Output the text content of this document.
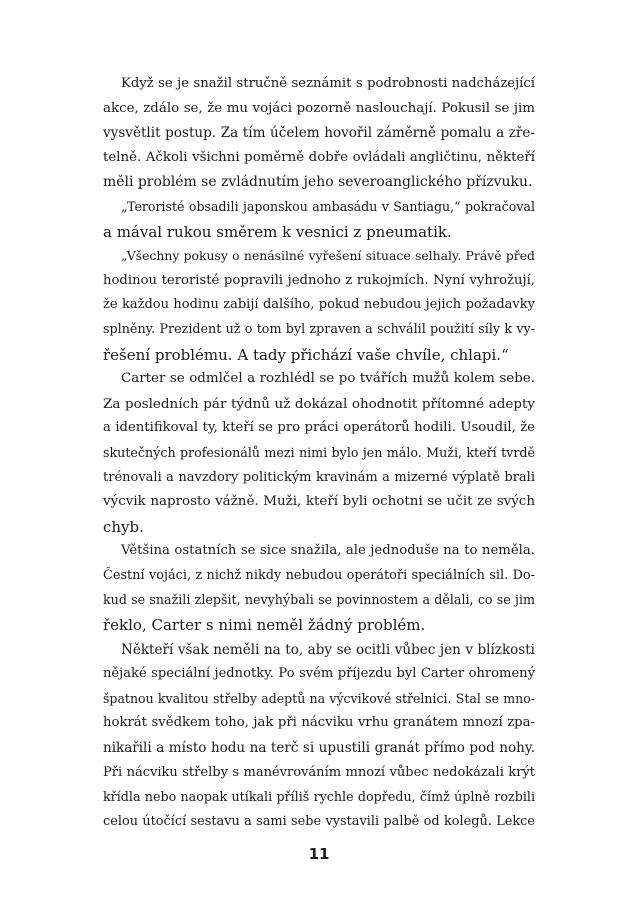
Když se je snažil stručně seznámit s podrobnosti nadcházející
akce, zdálo se, že mu vojáci pozorně naslouchají. Pokusil se jim
vysvětlit postup. Za tím účelem hovořil záměrně pomalu a zře-
telně. Ačkoli všichni poměrně dobře ovládali angličtinu, někteří
měli problém se zvládnutím jeho severoanglického přízvuku.
„Teroristé obsadili japonskou ambasádu v Santiagu,“ pokračoval
a mával rukou směrem k vesnici z pneumatik.
„Všechny pokusy o nenásilné vyřešení situace selhaly. Právě před
hodinou teroristé popravili jednoho z rukojmích. Nyní vyhrožují,
že každou hodinu zabijí dalšího, pokud nebudou jejich požadavky
splněny. Prezident už o tom byl zpraven a schválil použití síly k vy-
řešení problému. A tady přichází vaše chvíle, chlapi.“
Carter se odmlčel a rozhlédl se po tvářích mužů kolem sebe.
Za posledních pár týdnů už dokázal ohodnotit přítomné adepty
a identifikoval ty, kteří se pro práci operátorů hodili. Usoudil, že
skutečných profesionálů mezi nimi bylo jen málo. Muži, kteří tvrdě
trénovali a navzdory politickým kravinám a mizerné výplatě brali
výcvik naprosto vážně. Muži, kteří byli ochotni se učit ze svých
chyb.
Většina ostatních se sice snažila, ale jednoduše na to neměla.
Čestní vojáci, z nichž nikdy nebudou operátoři speciálních sil. Do-
kud se snažili zlepšit, nevyhýbali se povinnostem a dělali, co se jim
řeklo, Carter s nimi neměl žádný problém.
Někteří však neměli na to, aby se ocitli vůbec jen v blízkosti
nějaké speciální jednotky. Po svém příjezdu byl Carter ohromený
špatnou kvalitou střelby adeptů na výcvikové střelnici. Stal se mno-
hokrát svědkem toho, jak při nácviku vrhu granátem mnozí zpa-
nikařili a místo hodu na terč si upustili granát přímo pod nohy.
Při nácviku střelby s manévrováním mnozí vůbec nedokázali krýt
křídla nebo naopak utíkali příliš rychle dopředu, čímž úplně rozbili
celou útočící sestavu a sami sebe vystavili palbě od kolegů. Lekce
11
